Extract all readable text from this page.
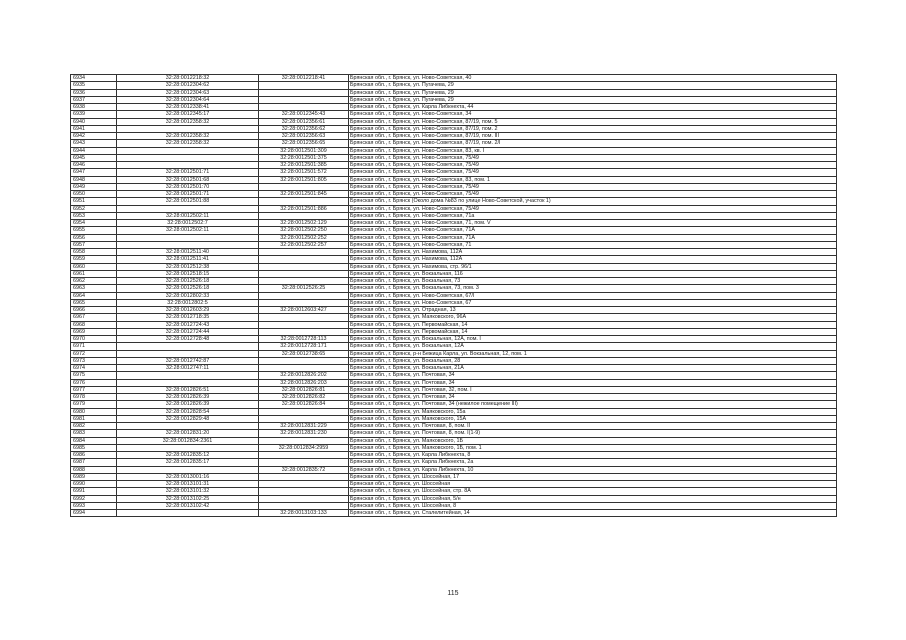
6934	32:28:0012218:32	32:28:0012218:41	Брянская обл., г. Брянск, ул. Ново-Советская, 40
6935	32:28:0012304:62		Брянская обл., г. Брянск, ул. Пугачева, 29
6936	32:28:0012304:63		Брянская обл., г. Брянск, ул. Пугачева, 29
6937	32:28:0012304:64		Брянская обл., г. Брянск, ул. Пугачева, 29
6938	32:28:0012338:41		Брянская обл., г. Брянск, ул. Карла Либкнехта, 44
6939	32:28:0012345:17	32:28:0012345:43	Брянская обл., г. Брянск, ул. Ново-Советская, 34
6940	32:28:0012358:32	32:28:0012356:61	Брянская обл., г. Брянск, ул. Ново-Советская, 87/19, пом. 5
6941		32:28:0012356:62	Брянская обл., г. Брянск, ул. Ново-Советская, 87/19, пом. 2
6942	32:28:0012358:32	32:28:0012356:63	Брянская обл., г. Брянск, ул. Ново-Советская, 87/19, пом. III
6943	32:28:0012358:32	32:28:0012356:65	Брянская обл., г. Брянск, ул. Ново-Советская, 87/19, пом. 2/I
6944		32:28:0012501:309	Брянская обл., г. Брянск, ул. Ново-Советская, 83, кв. I
6945		32:28:0012501:375	Брянская обл., г. Брянск, ул. Ново-Советская, 75/49
6946		32:28:0012501:385	Брянская обл., г. Брянск, ул. Ново-Советская, 75/49
6947	32:28:0012501:71	32:28:0012501:572	Брянская обл., г. Брянск, ул. Ново-Советская, 75/49
6948	32:28:0012501:68	32:28:0012501:805	Брянская обл., г. Брянск, ул. Ново-Советская, 83, пом. 1
6949	32:28:0012501:70		Брянская обл., г. Брянск, ул. Ново-Советская, 75/49
6950	32:28:0012501:71	32:28:0012501:845	Брянская обл., г. Брянск, ул. Ново-Советская, 75/49
6951	32:28:0012501:88		Брянская обл., г. Брянск (Около дома №83 по улице Ново-Советской, участок 1)
6952		32:28:0012501:886	Брянская обл., г. Брянск, ул. Ново-Советская, 75/49
6953	32:28:0012502:11		Брянская обл., г. Брянск, ул. Ново-Советская, 71а
6954	32:28:0012502:7	32:28:0012502:129	Брянская обл., г. Брянск, ул. Ново-Советская, 71, пом. V
6955	32:28:0012502:11	32:28:0012502:250	Брянская обл., г. Брянск, ул. Ново-Советская, 71А
6956		32:28:0012502:252	Брянская обл., г. Брянск, ул. Ново-Советская, 71А
6957		32:28:0012502:257	Брянская обл., г. Брянск, ул. Ново-Советская, 71
6958	32:28:0012511:40		Брянская обл., г. Брянск, ул. Нахимова, 112А
6959	32:28:0012511:41		Брянская обл., г. Брянск, ул. Нахимова, 112А
6960	32:28:0012512:38		Брянская обл., г. Брянск, ул. Нахимова, стр. 96/1
6961	32:28:0012518:15		Брянская обл., г. Брянск, ул. Вокзальная, 116
6962	32:28:0012526:18		Брянская обл., г. Брянск, ул. Вокзальная, 73
6963	32:28:0012526:18	32:28:0012526:25	Брянская обл., г. Брянск, ул. Вокзальная, 73, пом. 3
6964	32:28:0012802:33		Брянская обл., г. Брянск, ул. Ново-Советская, 67/I
6965	32:28:0012802:5		Брянская обл., г. Брянск, ул. Ново-Советская, 67
6966	32:28:0012603:29	32:28:0012603:427	Брянская обл., г. Брянск, ул. Отрадная, 13
6967	32:28:0012718:35		Брянская обл., г. Брянск, ул. Маяковского, 96А
6968	32:28:0012724:43		Брянская обл., г. Брянск, ул. Первомайская, 14
6969	32:28:0012724:44		Брянская обл., г. Брянск, ул. Первомайская, 14
6970	32:28:0012728:48	32:28:0012728:113	Брянская обл., г. Брянск, ул. Вокзальная, 12А, пом. I
6971		32:28:0012728:171	Брянская обл., г. Брянск, ул. Вокзальная, 12А
6972		32:28:0012738:65	Брянская обл., г. Брянск, р-н Бежица Карла, ул. Вокзальная, 12, пом. 1
6973	32:28:0012742:87		Брянская обл., г. Брянск, ул. Вокзальная, 28
6974	32:28:0012747:11		Брянская обл., г. Брянск, ул. Вокзальная, 21А
6975		32:28:0012826:202	Брянская обл., г. Брянск, ул. Почтовая, 34
6976		32:28:0012826:203	Брянская обл., г. Брянск, ул. Почтовая, 34
6977	32:28:0012826:51	32:28:0012826:81	Брянская обл., г. Брянск, ул. Почтовая, 32, пом. I
6978	32:28:0012826:39	32:28:0012826:82	Брянская обл., г. Брянск, ул. Почтовая, 34
6979	32:28:0012826:39	32:28:0012826:84	Брянская обл., г. Брянск, ул. Почтовая, 34 (нежилое помещение III)
6980	32:28:0012828:54		Брянская обл., г. Брянск, ул. Маяковского, 15а
6981	32:28:0012829:48		Брянская обл., г. Брянск, ул. Маяковского, 15А
6982		32:28:0012831:229	Брянская обл., г. Брянск, ул. Почтовая, 8, пом. II
6983	32:28:0012831:20	32:28:0012831:230	Брянская обл., г. Брянск, ул. Почтовая, 8, пом. I(1-9)
6984	32:28:0012834:2361		Брянская обл., г. Брянск, ул. Маяковского, 1Б
6985		32:28:0012834:2959	Брянская обл., г. Брянск, ул. Маяковского, 1Б, пом. 1
6986	32:28:0012835:12		Брянская обл., г. Брянск, ул. Карла Либкнехта, 8
6987	32:28:0012835:17		Брянская обл., г. Брянск, ул. Карла Либкнехта, 2а
6988		32:28:0012835:72	Брянская обл., г. Брянск, ул. Карла Либкнехта, 10
6989	32:28:0013001:16		Брянская обл., г. Брянск, ул. Шоссейная, 17
6990	32:28:0013101:31		Брянская обл., г. Брянск, ул. Шоссейная
6991	32:28:0013101:32		Брянская обл., г. Брянск, ул. Шоссейная, стр. 8А
6992	32:28:0013102:25		Брянская обл., г. Брянск, ул. Шоссейная, 5/н
6993	32:28:0013102:42		Брянская обл., г. Брянск, ул. Шоссейная, 8
6994		32:28:0013103:133	Брянская обл., г. Брянск, ул. Сталелитейная, 14
115
